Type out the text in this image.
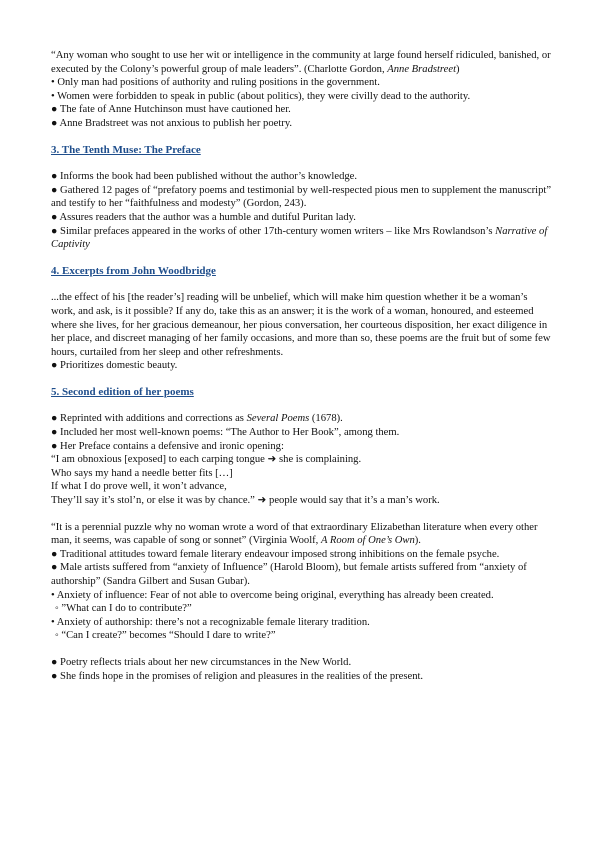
“Any woman who sought to use her wit or intelligence in the community at large found herself ridiculed, banished, or executed by the Colony’s powerful group of male leaders”. (Charlotte Gordon, Anne Bradstreet)

• Only man had positions of authority and ruling positions in the government.

• Women were forbidden to speak in public (about politics), they were civilly dead to the authority.

● The fate of Anne Hutchinson must have cautioned her.

● Anne Bradstreet was not anxious to publish her poetry.

3. The Tenth Muse: The Preface

● Informs the book had been published without the author’s knowledge.

● Gathered 12 pages of “prefatory poems and testimonial by well-respected pious men to supplement the manuscript” and testify to her “faithfulness and modesty” (Gordon, 243).

● Assures readers that the author was a humble and dutiful Puritan lady.

● Similar prefaces appeared in the works of other 17th-century women writers – like Mrs Rowlandson’s Narrative of Captivity

4. Excerpts from John Woodbridge

...the effect of his [the reader’s] reading will be unbelief, which will make him question whether it be a woman’s work, and ask, is it possible? If any do, take this as an answer; it is the work of a woman, honoured, and esteemed where she lives, for her gracious demeanour, her pious conversation, her courteous disposition, her exact diligence in her place, and discreet managing of her family occasions, and more than so, these poems are the fruit but of some few hours, curtailed from her sleep and other refreshments.

● Prioritizes domestic beauty.

5. Second edition of her poems

● Reprinted with additions and corrections as Several Poems (1678).

● Included her most well-known poems: “The Author to Her Book”, among them.

● Her Preface contains a defensive and ironic opening:

“I am obnoxious [exposed] to each carping tongue ➜ she is complaining.

Who says my hand a needle better fits […]

If what I do prove well, it won’t advance,

They’ll say it’s stol’n, or else it was by chance.” ➜ people would say that it’s a man’s work.

“It is a perennial puzzle why no woman wrote a word of that extraordinary Elizabethan literature when every other man, it seems, was capable of song or sonnet” (Virginia Woolf, A Room of One’s Own).

● Traditional attitudes toward female literary endeavour imposed strong inhibitions on the female psyche.

● Male artists suffered from “anxiety of Influence” (Harold Bloom), but female artists suffered from “anxiety of authorship” (Sandra Gilbert and Susan Gubar).

• Anxiety of influence: Fear of not able to overcome being original, everything has already been created.

◦ ”What can I do to contribute?”

• Anxiety of authorship: there’s not a recognizable female literary tradition.

◦ “Can I create?” becomes “Should I dare to write?”

● Poetry reflects trials about her new circumstances in the New World.

● She finds hope in the promises of religion and pleasures in the realities of the present.
